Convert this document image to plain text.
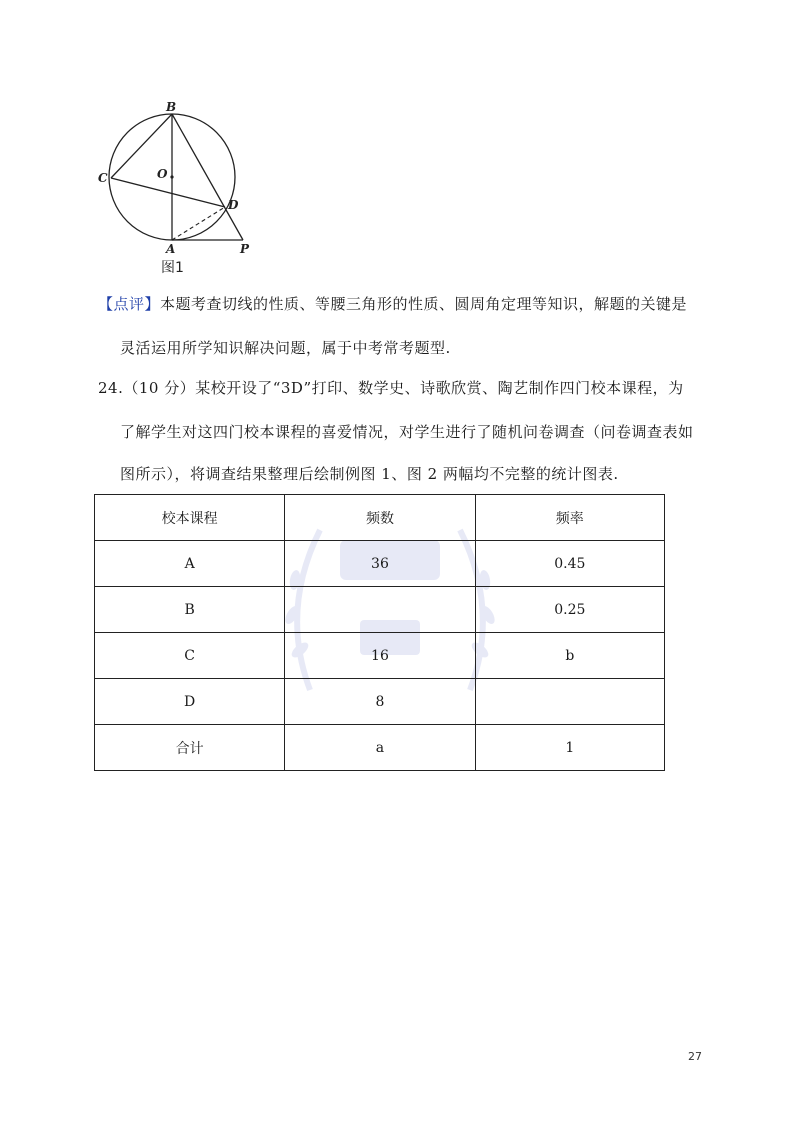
B
C	O
D
A	P
图1
【点评】本题考查切线的性质、等腰三角形的性质、圆周角定理等知识，解题的关键是
灵活运用所学知识解决问题，属于中考常考题型.
24.（10 分）某校开设了“3D”打印、数学史、诗歌欣赏、陶艺制作四门校本课程，为
了解学生对这四门校本课程的喜爱情况，对学生进行了随机问卷调查（问卷调查表如
图所示），将调查结果整理后绘制例图 1、图 2 两幅均不完整的统计图表.
校本课程	频数	频率
A	36	0.45
B		0.25
C	16	b
D	8	
合计	a	1
27
